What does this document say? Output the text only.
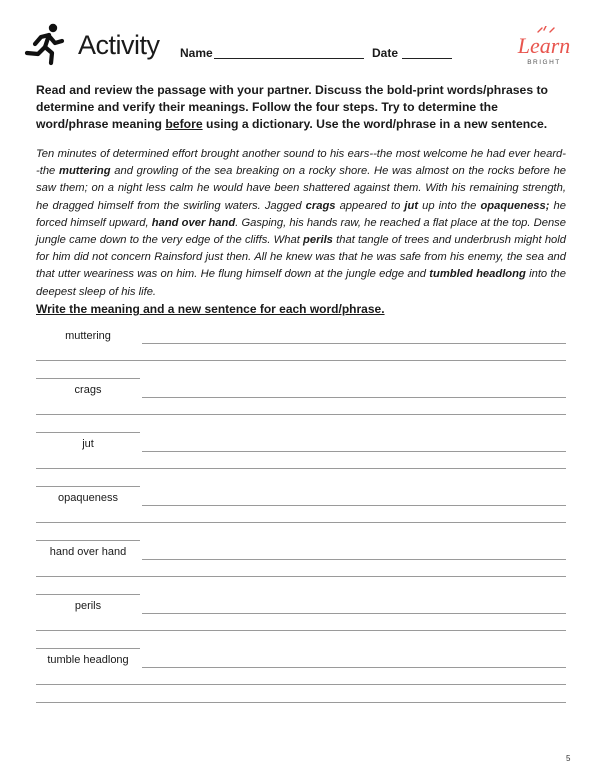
Activity Name	Date	Learn
BRIGHT
Read and review the passage with your partner. Discuss the bold-print words/phrases to determine and verify their meanings. Follow the four steps. Try to determine the word/phrase meaning before using a dictionary. Use the word/phrase in a new sentence.
Ten minutes of determined effort brought another sound to his ears--the most welcome he had ever heard--the muttering and growling of the sea breaking on a rocky shore. He was almost on the rocks before he saw them; on a night less calm he would have been shattered against them. With his remaining strength, he dragged himself from the swirling waters. Jagged crags appeared to jut up into the opaqueness; he forced himself upward, hand over hand. Gasping, his hands raw, he reached a flat place at the top. Dense jungle came down to the very edge of the cliffs. What perils that tangle of trees and underbrush might hold for him did not concern Rainsford just then. All he knew was that he was safe from his enemy, the sea and that utter weariness was on him. He flung himself down at the jungle edge and tumbled headlong into the deepest sleep of his life.
Write the meaning and a new sentence for each word/phrase.
muttering
crags
jut
opaqueness
hand over hand
perils
tumble headlong
5
